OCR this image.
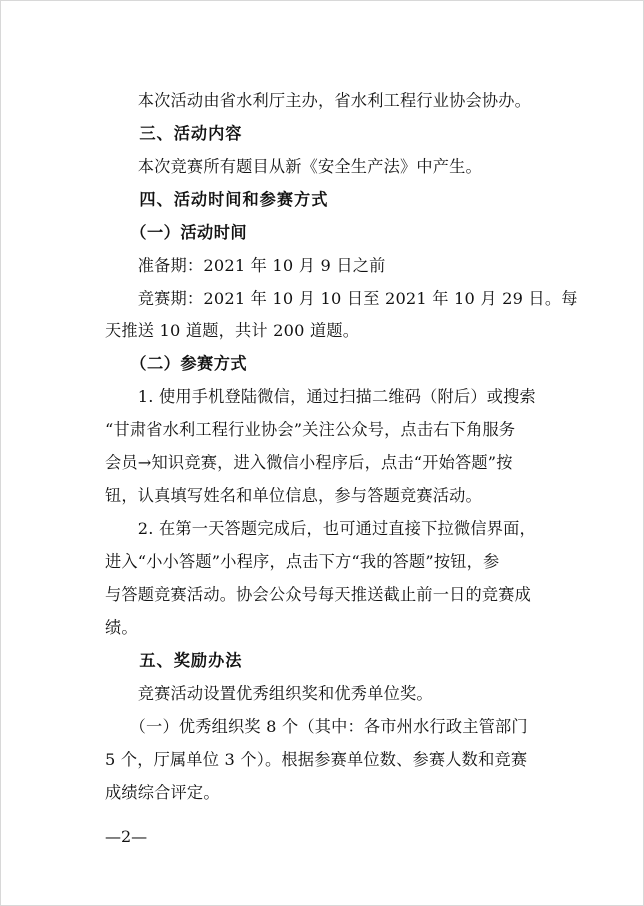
　　本次活动由省水利厅主办，省水利工程行业协会协办。
　　三、活动内容
　　本次竞赛所有题目从新《安全生产法》中产生。
　　四、活动时间和参赛方式
　　（一）活动时间
　　准备期：2021 年 10 月 9 日之前
　　竞赛期：2021 年 10 月 10 日至 2021 年 10 月 29 日。每
天推送 10 道题，共计 200 道题。
　　（二）参赛方式
　　1. 使用手机登陆微信，通过扫描二维码（附后）或搜索
“甘肃省水利工程行业协会”关注公众号，点击右下角服务
会员→知识竞赛，进入微信小程序后，点击“开始答题”按
钮，认真填写姓名和单位信息，参与答题竞赛活动。
　　2. 在第一天答题完成后，也可通过直接下拉微信界面，
进入“小小答题”小程序，点击下方“我的答题”按钮，参
与答题竞赛活动。协会公众号每天推送截止前一日的竞赛成
绩。
　　五、奖励办法
　　竞赛活动设置优秀组织奖和优秀单位奖。
　　（一）优秀组织奖 8 个（其中：各市州水行政主管部门
5 个，厅属单位 3 个）。根据参赛单位数、参赛人数和竞赛
成绩综合评定。
—2—
